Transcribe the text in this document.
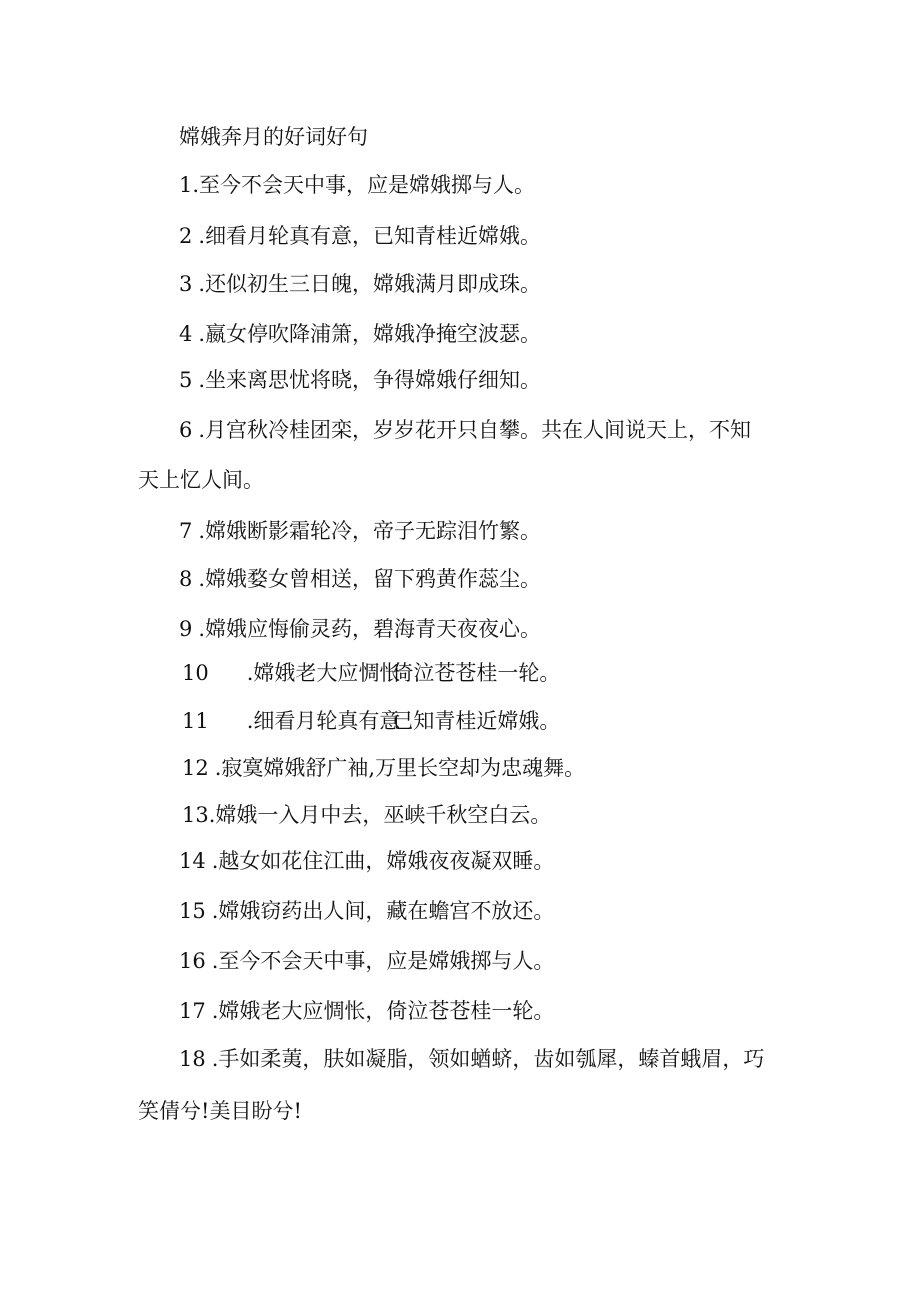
嫦娥奔月的好词好句
1.至今不会天中事，应是嫦娥掷与人。
2 .细看月轮真有意，已知青桂近嫦娥。
3 .还似初生三日魄，嫦娥满月即成珠。
4 .嬴女停吹降浦箫，嫦娥净掩空波瑟。
5 .坐来离思忧将晓，争得嫦娥仔细知。
6 .月宫秋冷桂团栾，岁岁花开只自攀。共在人间说天上，不知
天上忆人间。
7 .嫦娥断影霜轮冷，帝子无踪泪竹繁。
8 .嫦娥婺女曾相送，留下鸦黄作蕊尘。
9 .嫦娥应悔偷灵药，碧海青天夜夜心。
10 .嫦娥老大应惆怅倚泣苍苍桂一轮。
11 .细看月轮真有意已知青桂近嫦娥。
12 .寂寞嫦娥舒广袖,万里长空却为忠魂舞。
13.嫦娥一入月中去，巫峡千秋空白云。
14 .越女如花住江曲，嫦娥夜夜凝双睡。
15 .嫦娥窃药出人间，藏在蟾宫不放还。
16 .至今不会天中事，应是嫦娥掷与人。
17 .嫦娥老大应惆怅，倚泣苍苍桂一轮。
18 .手如柔荑，肤如凝脂，领如蝤蛴，齿如瓠犀，螓首蛾眉，巧
笑倩兮!美目盼兮!
